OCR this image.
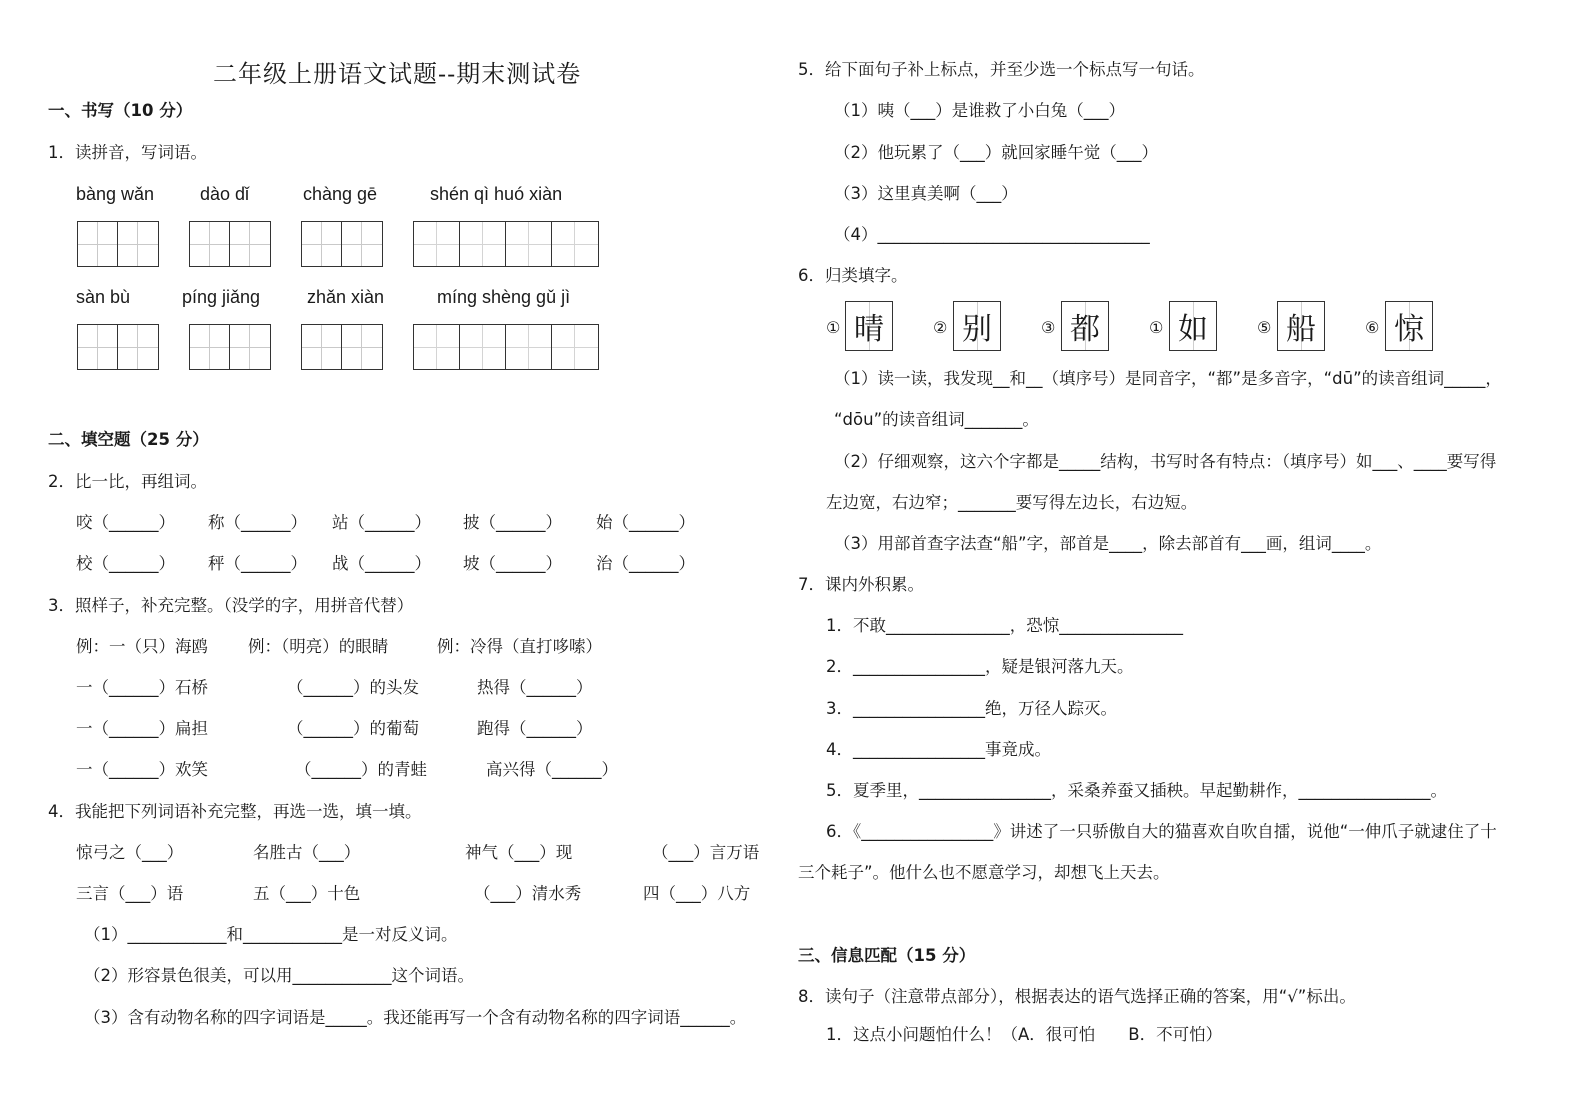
二年级上册语文试题--期末测试卷
一、书写（10 分）
1．读拼音，写词语。
bàng wǎn	dào dǐ	chàng gē	shén qì huó xiàn
sàn bù	píng jiǎng	zhǎn xiàn	míng shèng gǔ jì
二、填空题（25 分）
2．比一比，再组词。
咬（______） 称（______） 站（______） 披（______） 始（______）
校（______） 秤（______） 战（______） 坡（______） 治（______）
3．照样子，补充完整。（没学的字，用拼音代替）
例：一（只）海鸥 例：（明亮）的眼睛	例：冷得（直打哆嗦）
一（______）石桥	（______）的头发	热得（______）
一（______）扁担	（______）的葡萄	跑得（______）
一（______）欢笑	（______）的青蛙	高兴得（______）
4．我能把下列词语补充完整，再选一选，填一填。
惊弓之（___）	名胜古（___）	神气（___）现	（___）言万语
三言（___）语	五（___）十色	（___）清水秀	四（___）八方
（1）____________和____________是一对反义词。
（2）形容景色很美，可以用____________这个词语。
（3）含有动物名称的四字词语是_____。我还能再写一个含有动物名称的四字词语______。
5．给下面句子补上标点，并至少选一个标点写一句话。
（1）咦（___）是谁救了小白兔（___）
（2）他玩累了（___）就回家睡午觉（___）
（3）这里真美啊（___）
（4）_________________________________
6．归类填字。
① 晴	② 别	③ 都	① 如	⑤ 船	⑥ 惊
（1）读一读，我发现__和__（填序号）是同音字，“都”是多音字，“dū”的读音组词_____，
“dōu”的读音组词_______。
（2）仔细观察，这六个字都是_____结构，书写时各有特点：（填序号）如___、____要写得
左边宽，右边窄；_______要写得左边长，右边短。
（3）用部首查字法查“船”字，部首是____，除去部首有___画，组词____。
7．课内外积累。
1．不敢_______________，恐惊_______________
2．________________，疑是银河落九天。
3．________________绝，万径人踪灭。
4．________________事竟成。
5．夏季里，________________，采桑养蚕又插秧。早起勤耕作，________________。
6．《________________》讲述了一只骄傲自大的猫喜欢自吹自擂，说他“一伸爪子就逮住了十
三个耗子”。他什么也不愿意学习，却想飞上天去。
三、信息匹配（15 分）
8．读句子（注意带点部分），根据表达的语气选择正确的答案，用“√”标出。
1．这点小问题怕什么！（A．很可怕　　B．不可怕）
